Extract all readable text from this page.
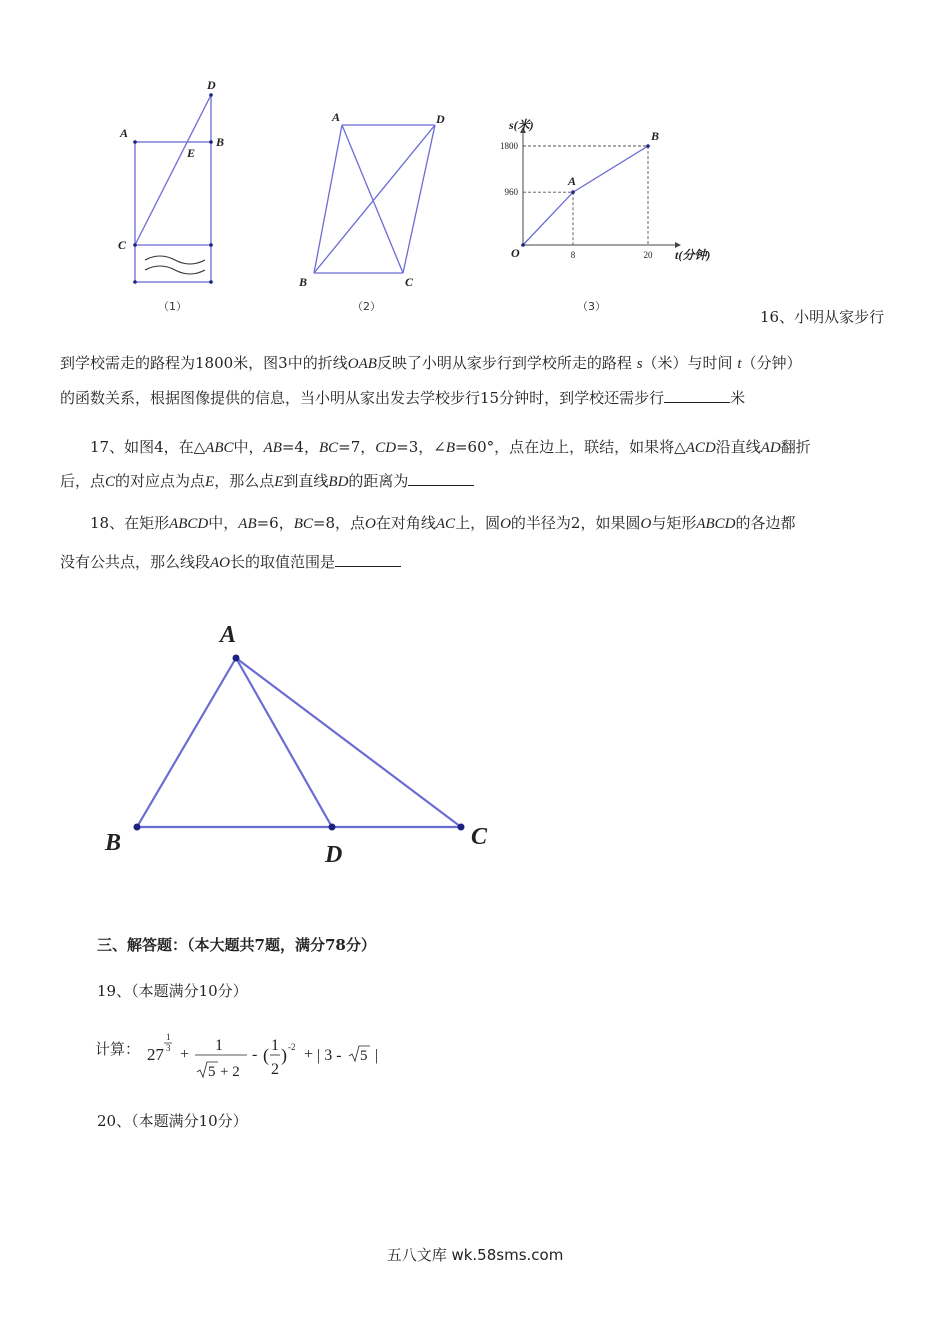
A
B
C
D
E
（1）
A	D
B	C
（2）
s(米)
t(分钟)
O
1800
960
8	20
A
B
（3）
16、小明从家步行
到学校需走的路程为1800米，图3中的折线OAB反映了小明从家步行到学校所走的路程 s（米）与时间 t（分钟）
的函数关系，根据图像提供的信息，当小明从家出发去学校步行15分钟时，到学校还需步行	米
17、如图4，在△ABC中，AB=4，BC=7，CD=3，∠B=60°，点在边上，联结，如果将△ACD沿直线AD翻折
后，点C的对应点为点E，那么点E到直线BD的距离为
18、在矩形ABCD中，AB=6，BC=8，点O在对角线AC上，圆O的半径为2，如果圆O与矩形ABCD的各边都
没有公共点，那么线段AO长的取值范围是
A
B	D
C
三、解答题：（本大题共7题，满分78分）
19、（本题满分10分）
计算： 27
1
3 +
1
5 + 2
- ( 1
2
) -2 + | 3 - 5 |
20、（本题满分10分）
五八文库 wk.58sms.com
